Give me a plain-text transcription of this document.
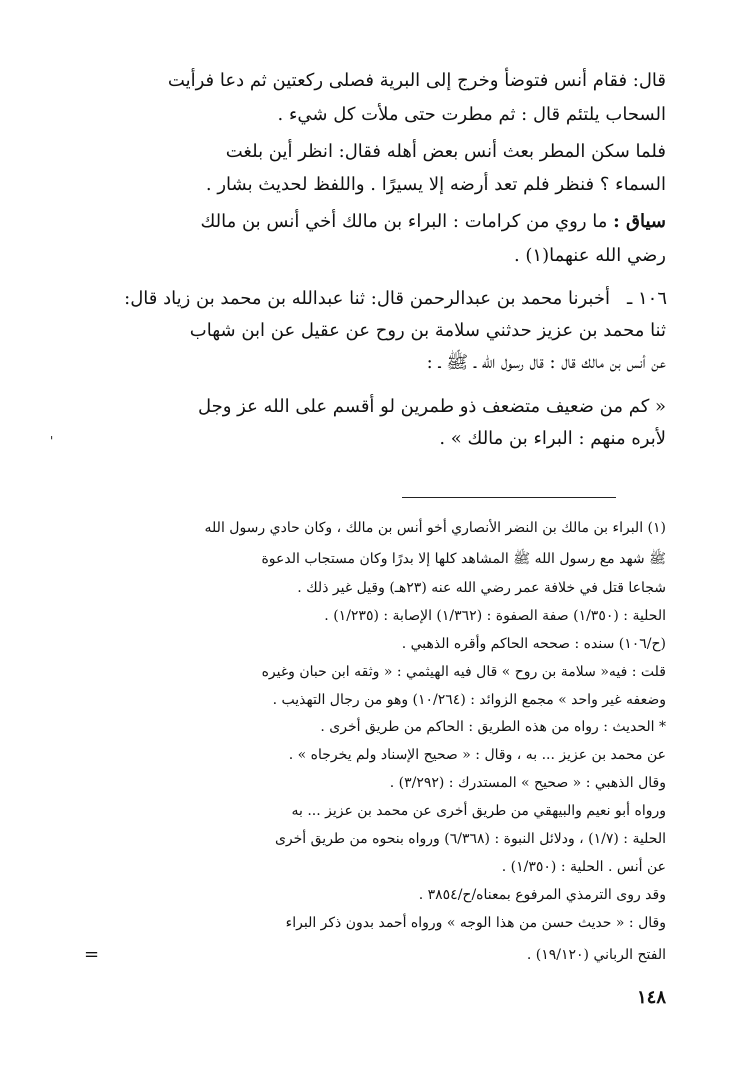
قال: فقام أنس فتوضأ وخرج إلى البرية فصلى ركعتين ثم دعا فرأيت
السحاب يلتئم قال : ثم مطرت حتى ملأت كل شيء .
فلما سكن المطر بعث أنس بعض أهله فقال: انظر أين بلغت
السماء ؟ فنظر فلم تعد أرضه إلا يسيرًا . واللفظ لحديث بشار .
سياق : ما روي من كرامات : البراء بن مالك أخي أنس بن مالك
رضي الله عنهما(١) .
١٠٦ ـ
أخبرنا محمد بن عبدالرحمن قال: ثنا عبدالله بن محمد بن زياد قال:
ثنا محمد بن عزيز حدثني سلامة بن روح عن عقيل عن ابن شهاب
عن أنس بن مالك قال : قال رسول الله ـ ﷺ ـ :
« كم من ضعيف متضعف ذو طمرين لو أقسم على الله عز وجل
لأبره منهم : البراء بن مالك » .
(١) البراء بن مالك بن النضر الأنصاري أخو أنس بن مالك ، وكان حادي رسول الله
ﷺ شهد مع رسول الله ﷺ المشاهد كلها إلا بدرًا وكان مستجاب الدعوة
شجاعا قتل في خلافة عمر رضي الله عنه (٢٣هـ) وقيل غير ذلك .
الحلية : (١/٣٥٠) صفة الصفوة : (١/٣٦٢) الإصابة : (١/٢٣٥) .
(ح/١٠٦) سنده : صححه الحاكم وأقره الذهبي .
قلت : فيه« سلامة بن روح » قال فيه الهيثمي : « وثقه ابن حبان وغيره
وضعفه غير واحد » مجمع الزوائد : (١٠/٢٦٤) وهو من رجال التهذيب .
* الحديث : رواه من هذه الطريق : الحاكم من طريق أخرى .
عن محمد بن عزيز ... به ، وقال : « صحيح الإسناد ولم يخرجاه » .
وقال الذهبي : « صحيح » المستدرك : (٣/٢٩٢) .
ورواه أبو نعيم والبيهقي من طريق أخرى عن محمد بن عزيز ... به
الحلية : (١/٧) ، ودلائل النبوة : (٦/٣٦٨) ورواه بنحوه من طريق أخرى
عن أنس . الحلية : (١/٣٥٠) .
وقد روى الترمذي المرفوع بمعناه/ح/٣٨٥٤ .
وقال : « حديث حسن من هذا الوجه » ورواه أحمد بدون ذكر البراء
الفتح الرباني (١٩/١٢٠) .
=
١٤٨
'
